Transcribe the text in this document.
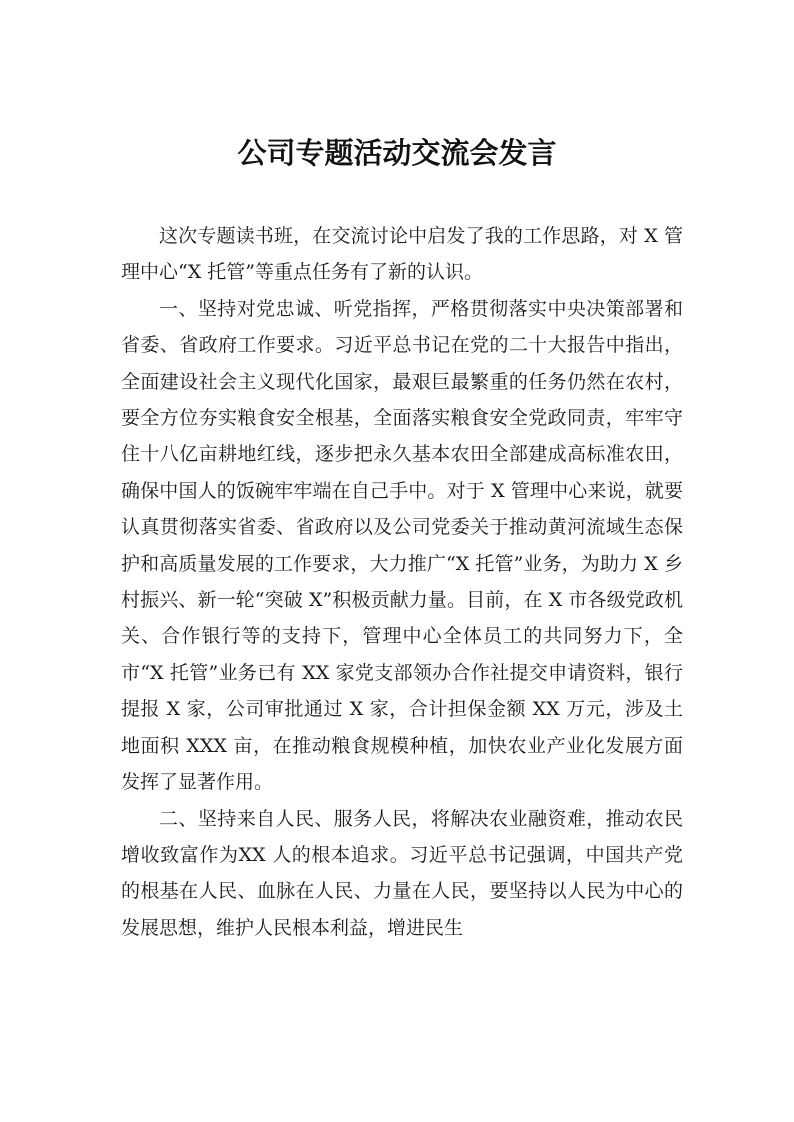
公司专题活动交流会发言

这次专题读书班，在交流讨论中启发了我的工作思路，对 X 管理中心“X 托管”等重点任务有了新的认识。

一、坚持对党忠诚、听党指挥，严格贯彻落实中央决策部署和省委、省政府工作要求。习近平总书记在党的二十大报告中指出，全面建设社会主义现代化国家，最艰巨最繁重的任务仍然在农村，要全方位夯实粮食安全根基，全面落实粮食安全党政同责，牢牢守住十八亿亩耕地红线，逐步把永久基本农田全部建成高标准农田，确保中国人的饭碗牢牢端在自己手中。对于 X 管理中心来说，就要认真贯彻落实省委、省政府以及公司党委关于推动黄河流域生态保护和高质量发展的工作要求，大力推广“X 托管”业务，为助力 X 乡村振兴、新一轮“突破 X”积极贡献力量。目前，在 X 市各级党政机关、合作银行等的支持下，管理中心全体员工的共同努力下，全市“X 托管”业务已有 XX 家党支部领办合作社提交申请资料，银行提报 X 家，公司审批通过 X 家，合计担保金额 XX 万元，涉及土地面积 XXX 亩，在推动粮食规模种植，加快农业产业化发展方面发挥了显著作用。

二、坚持来自人民、服务人民，将解决农业融资难，推动农民增收致富作为XX 人的根本追求。习近平总书记强调，中国共产党的根基在人民、血脉在人民、力量在人民，要坚持以人民为中心的发展思想，维护人民根本利益，增进民生
